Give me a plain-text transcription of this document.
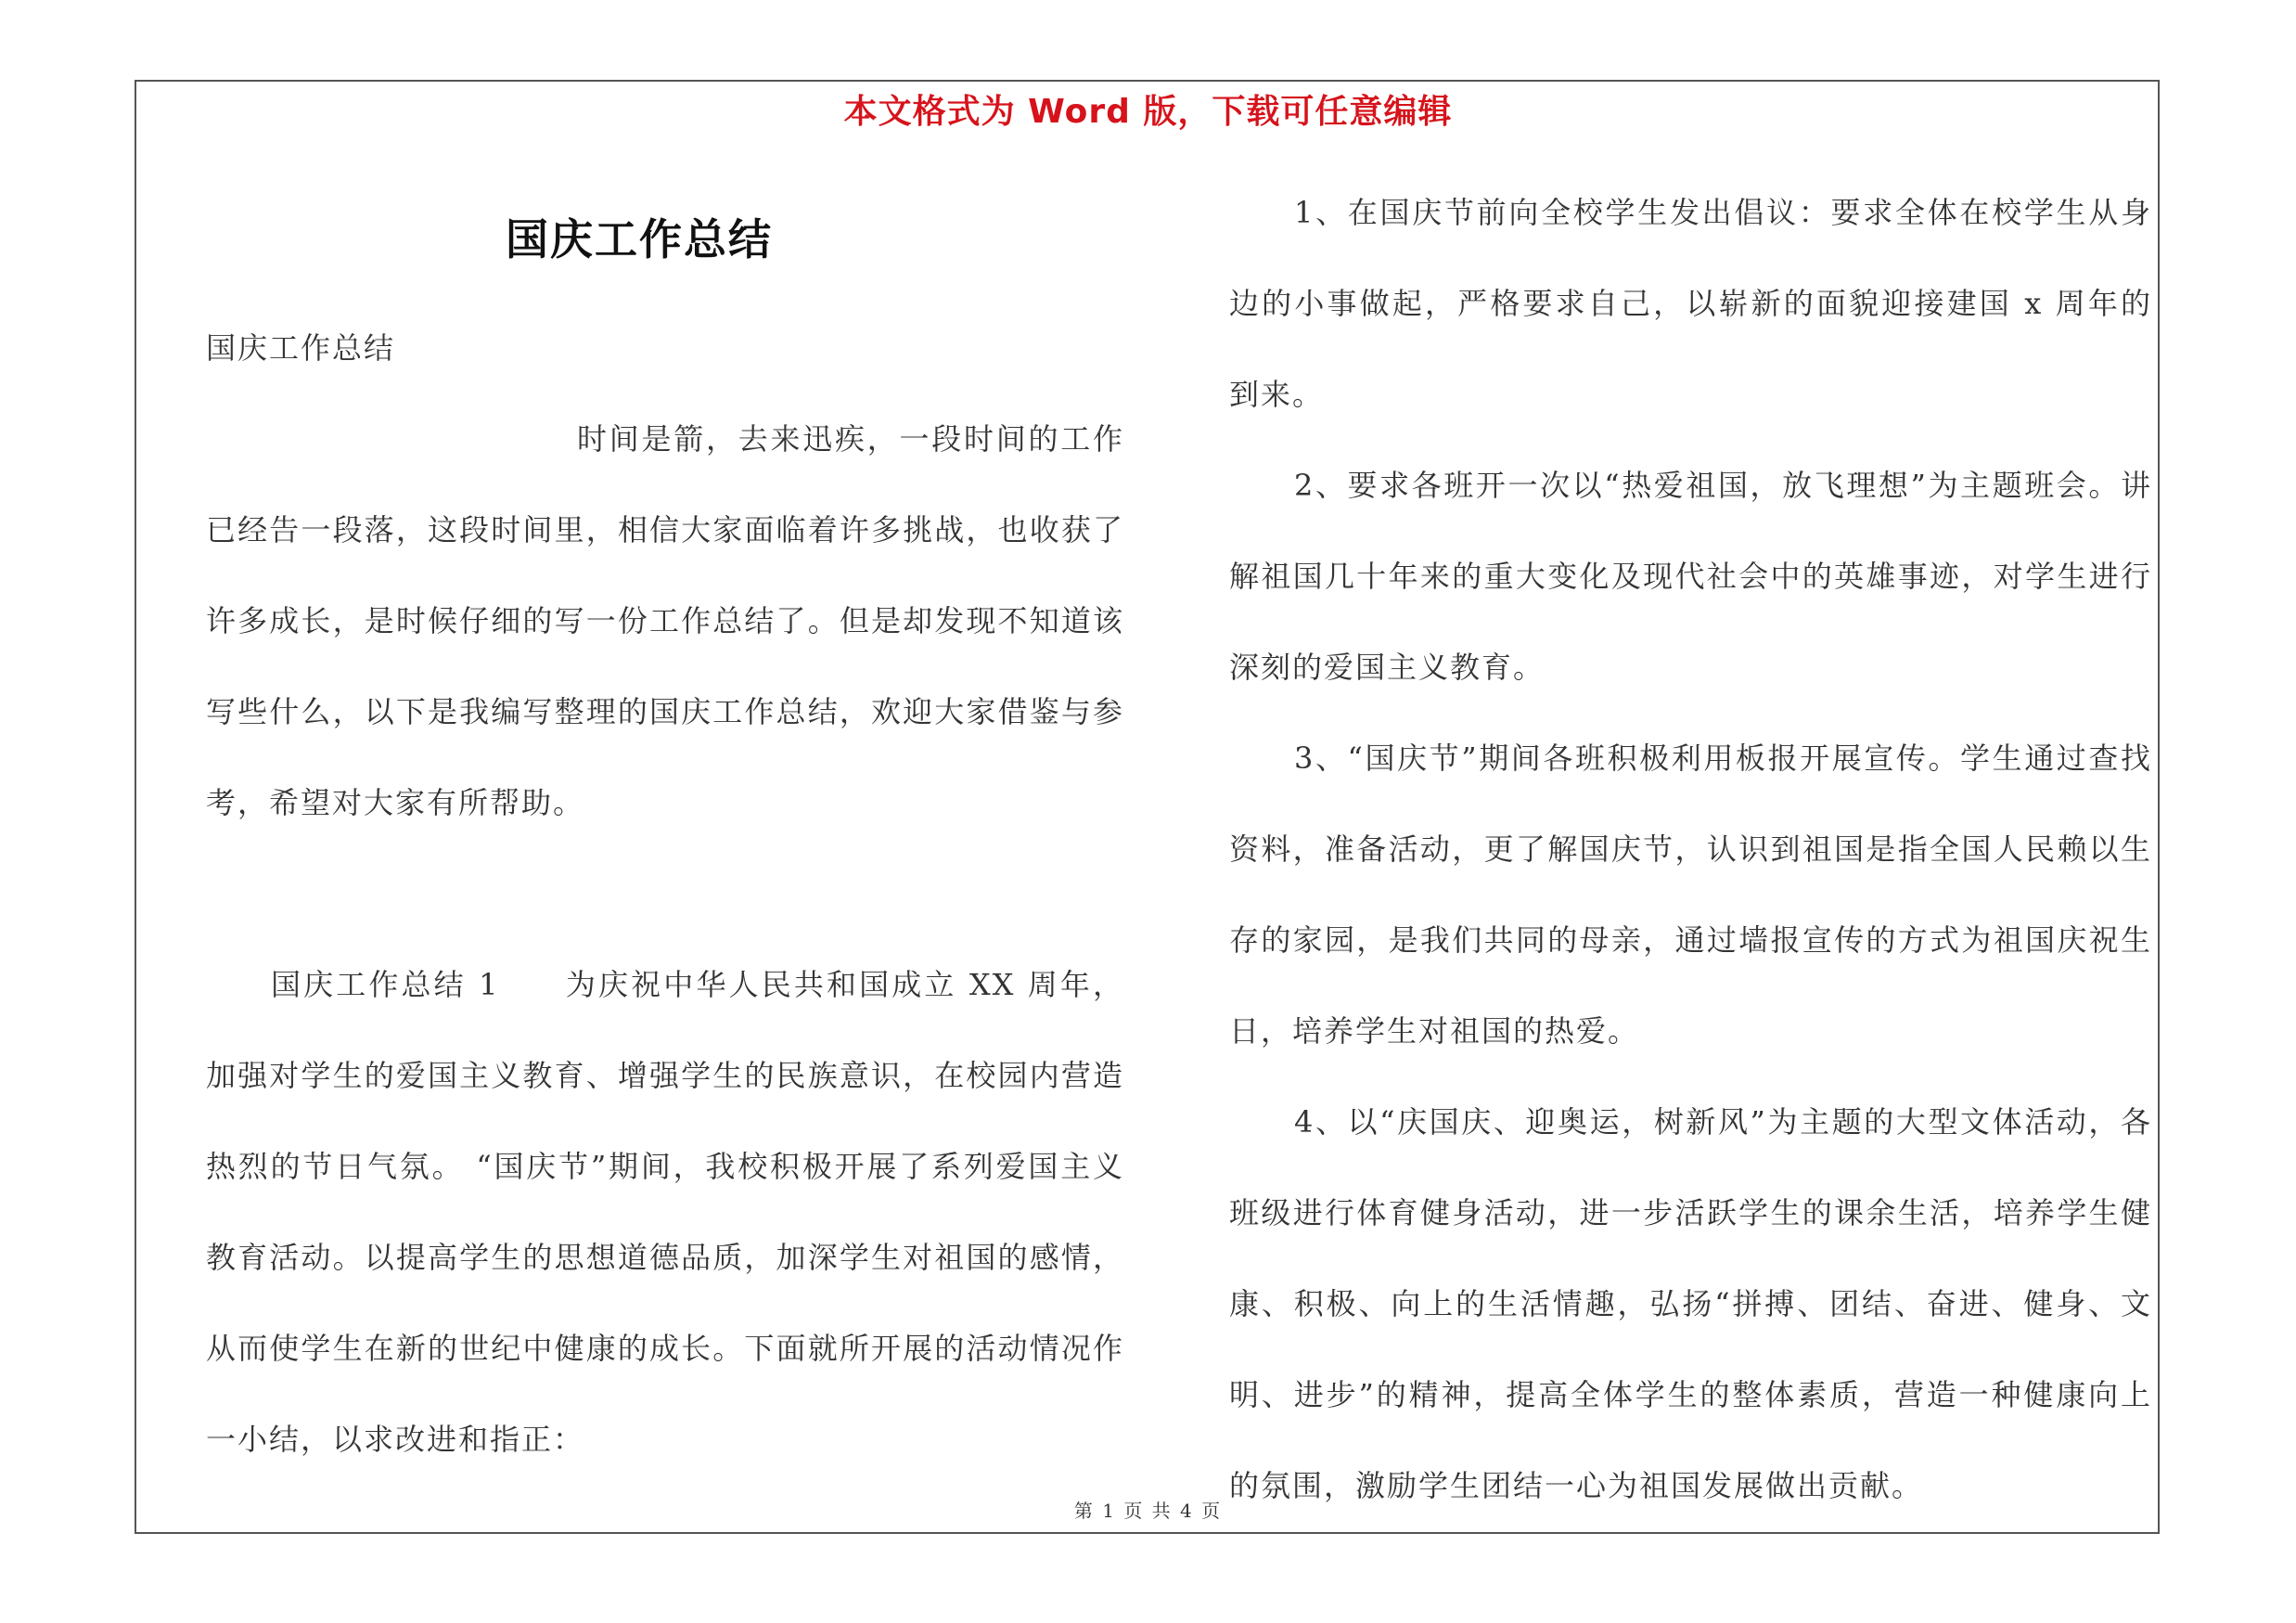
本文格式为 Word 版，下载可任意编辑
国庆工作总结

国庆工作总结

时间是箭，去来迅疾，一段时间的工作已经告一段落，这段时间里，相信大家面临着许多挑战，也收获了许多成长，是时候仔细的写一份工作总结了。但是却发现不知道该写些什么，以下是我编写整理的国庆工作总结，欢迎大家借鉴与参考，希望对大家有所帮助。

国庆工作总结 1　　为庆祝中华人民共和国成立 XX 周年，加强对学生的爱国主义教育、增强学生的民族意识，在校园内营造热烈的节日气氛。 “国庆节”期间，我校积极开展了系列爱国主义教育活动。以提高学生的思想道德品质，加深学生对祖国的感情，从而使学生在新的世纪中健康的成长。下面就所开展的活动情况作一小结，以求改进和指正：

1、在国庆节前向全校学生发出倡议：要求全体在校学生从身边的小事做起，严格要求自己，以崭新的面貌迎接建国 x 周年的到来。

2、要求各班开一次以“热爱祖国，放飞理想”为主题班会。讲解祖国几十年来的重大变化及现代社会中的英雄事迹，对学生进行深刻的爱国主义教育。

3、“国庆节”期间各班积极利用板报开展宣传。学生通过查找资料，准备活动，更了解国庆节，认识到祖国是指全国人民赖以生存的家园，是我们共同的母亲，通过墙报宣传的方式为祖国庆祝生日，培养学生对祖国的热爱。

4、以“庆国庆、迎奥运，树新风”为主题的大型文体活动，各班级进行体育健身活动，进一步活跃学生的课余生活，培养学生健康、积极、向上的生活情趣，弘扬“拼搏、团结、奋进、健身、文明、进步”的精神，提高全体学生的整体素质，营造一种健康向上的氛围，激励学生团结一心为祖国发展做出贡献。

第 1 页 共 4 页
